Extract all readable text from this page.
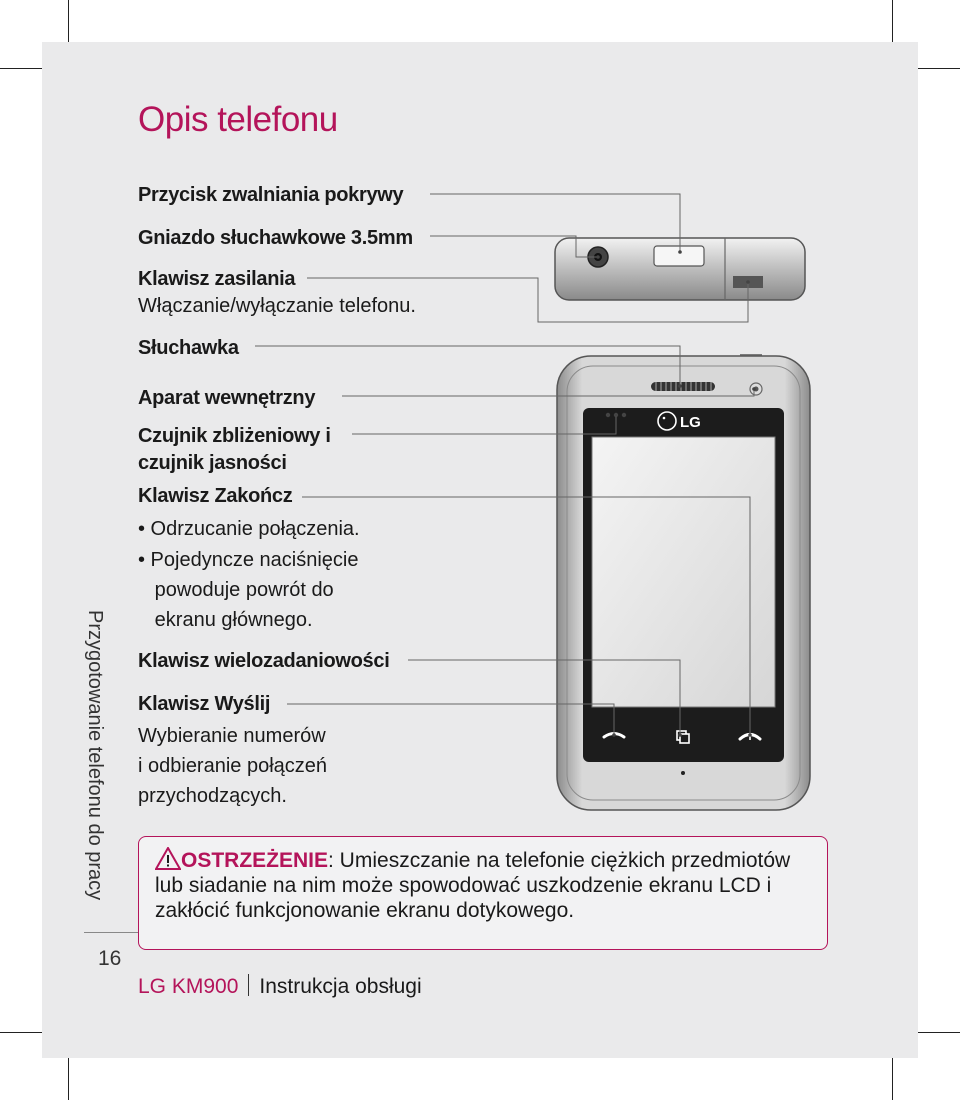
Opis telefonu
Przygotowanie telefonu do pracy
16
Przycisk zwalniania pokrywy
Gniazdo słuchawkowe 3.5mm
Klawisz zasilania
Włączanie/wyłączanie telefonu.
Słuchawka
Aparat wewnętrzny
Czujnik zbliżeniowy i
czujnik jasności
Klawisz Zakończ
• Odrzucanie połączenia.
• Pojedyncze naciśnięcie
powoduje powrót do
ekranu głównego.
Klawisz wielozadaniowości
Klawisz Wyślij
Wybieranie numerów
i odbieranie połączeń
przychodzących.
OSTRZEŻENIE: Umieszczanie na telefonie ciężkich przedmiotów lub siadanie na nim może spowodować uszkodzenie ekranu LCD i zakłócić funkcjonowanie ekranu dotykowego.
LG KM900 Instrukcja obsługi
LG
